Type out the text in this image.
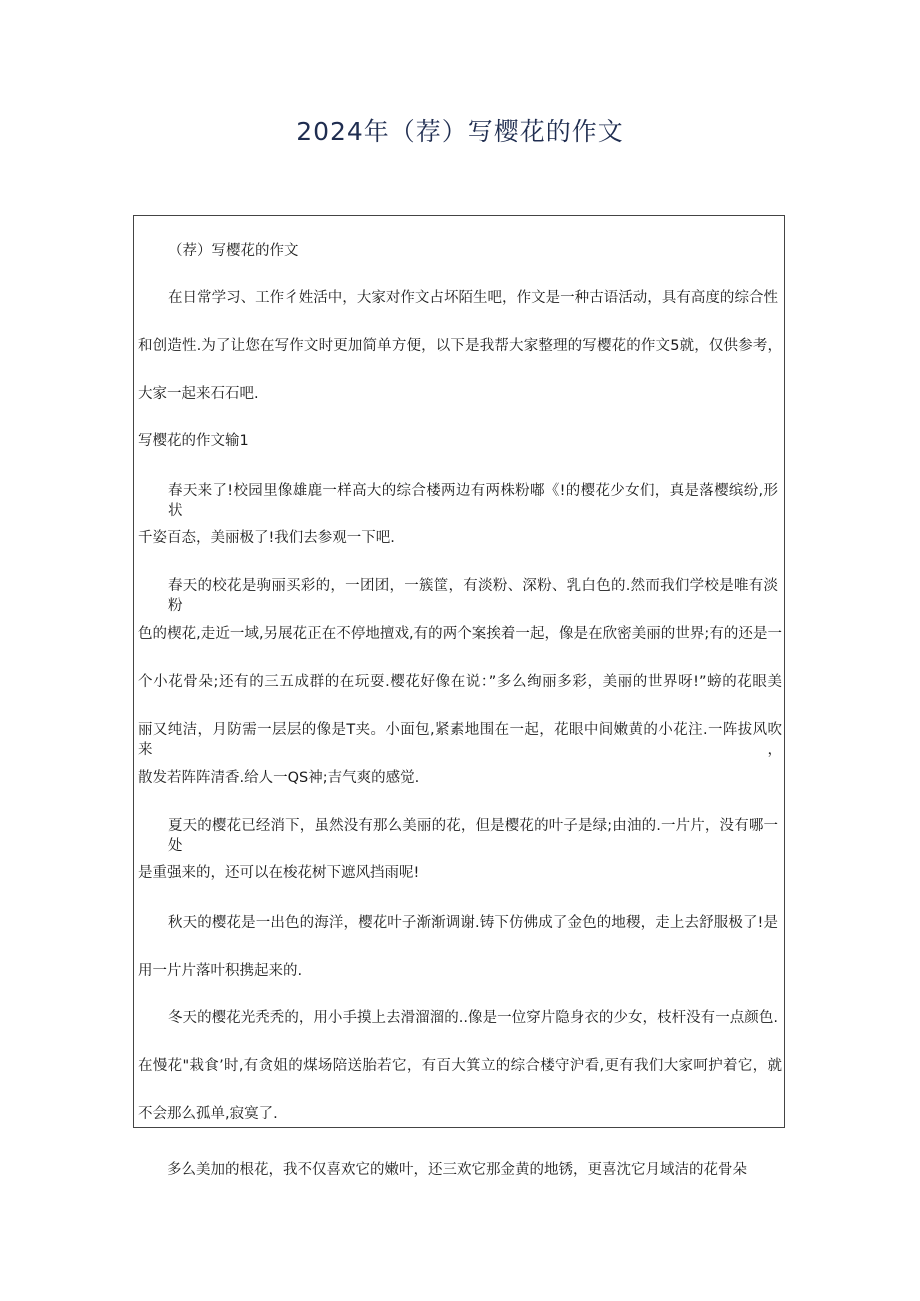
2024年（荐）写樱花的作文

（荐）写樱花的作文

在日常学习、工作彳姓活中，大家对作文占坏陌生吧，作文是一种古语活动，具有高度的综合性

和创造性.为了让您在写作文时更加简单方便，以下是我帮大家整理的写樱花的作文5就，仅供参考，

大家一起来石石吧.

写樱花的作文输1

春天来了!校园里像雄鹿一样高大的综合楼两边有两株粉嘟《!的樱花少女们，真是落樱缤纷,形状

千姿百态，美丽极了!我们去参观一下吧.

春天的校花是驹丽买彩的，一团团，一簇筐，有淡粉、深粉、乳白色的.然而我们学校是唯有淡粉

色的楔花,走近一域,另展花正在不停地擅戏,有的两个案挨着一起，像是在欣密美丽的世界;有的还是一

个小花骨朵;还有的三五成群的在玩耍.樱花好像在说：”多么绚丽多彩，美丽的世界呀!”螃的花眼美

丽又纯洁，月防需一层层的像是T夹。小面包,紧素地围在一起，花眼中间嫩黄的小花注.一阵拔风吹来，

散发若阵阵清香.给人一QS神;吉气爽的感觉.

夏天的樱花已经消下，虽然没有那么美丽的花，但是樱花的叶子是绿;由油的.一片片，没有哪一处

是重强来的，还可以在梭花树下遮风挡雨呢!

秋天的樱花是一出色的海洋，樱花叶子渐渐调谢.铸下仿佛成了金色的地稷，走上去舒服极了!是

用一片片落叶积携起来的.

冬天的樱花光秃秃的，用小手摸上去滑溜溜的..像是一位穿片隐身衣的少女，枝杆没有一点颜色.

在慢花"栽食’时,有贪姐的煤场陪送胎若它，有百大箕立的综合楼守沪看,更有我们大家呵护着它，就

不会那么孤单,寂寞了.

多么美加的根花，我不仅喜欢它的嫩叶，还三欢它那金黄的地锈，更喜沈它月域洁的花骨朵
